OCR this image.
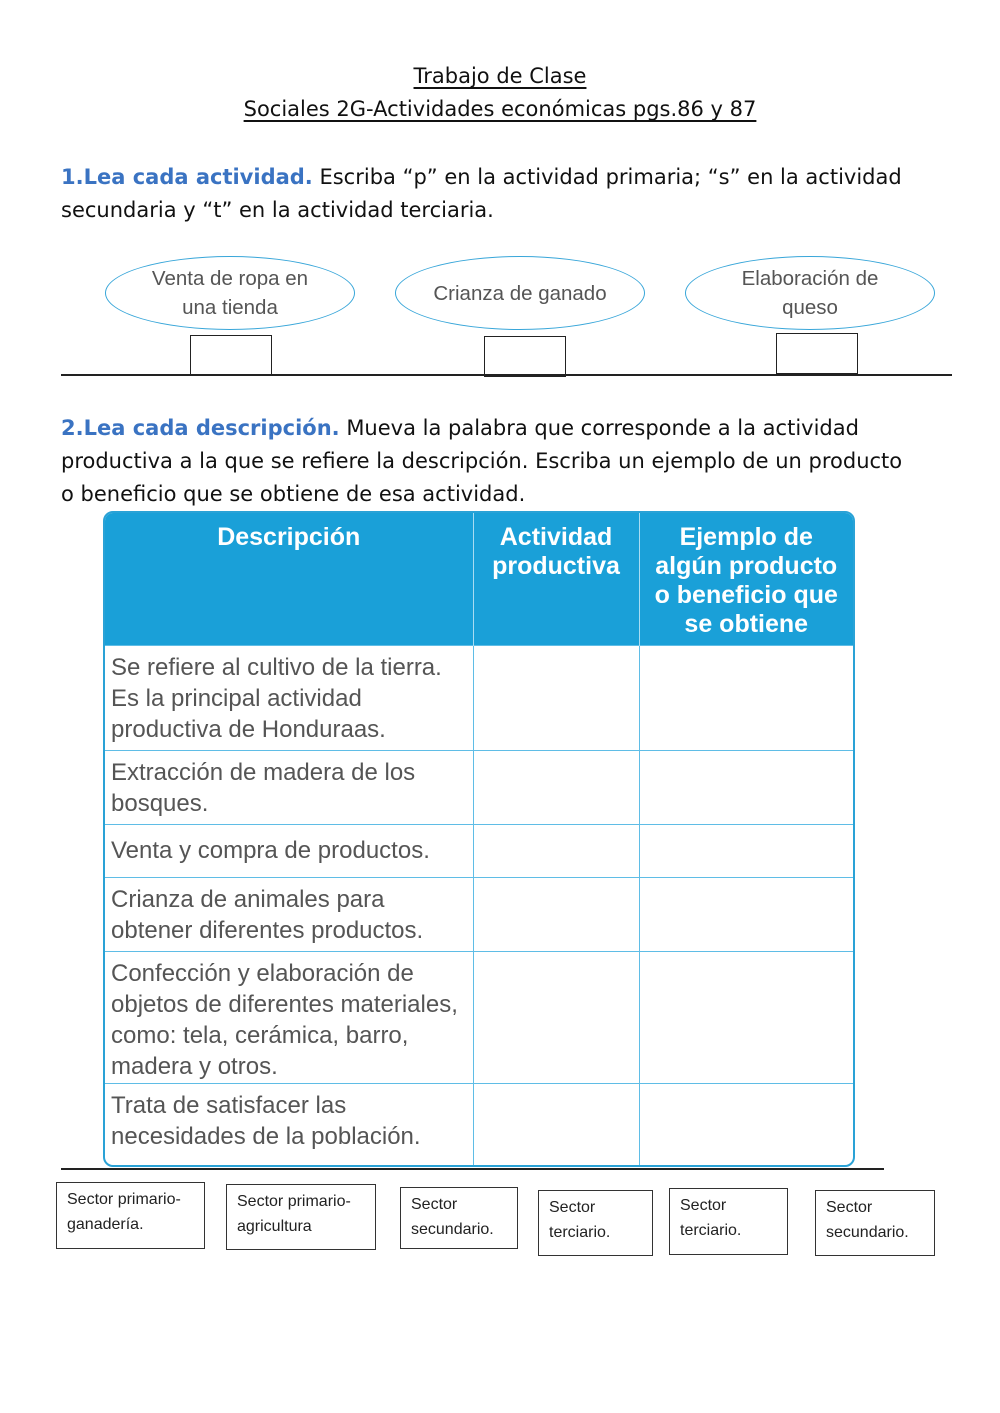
Trabajo de Clase
Sociales 2G-Actividades económicas pgs.86 y 87
1.Lea cada actividad. Escriba “p” en la actividad primaria; “s” en la actividad
secundaria y “t” en la actividad terciaria.
Venta de ropa en una tienda
Crianza de ganado
Elaboración de queso
2.Lea cada descripción. Mueva la palabra que corresponde a la actividad
productiva a la que se refiere la descripción. Escriba un ejemplo de un producto
o beneficio que se obtiene de esa actividad.
Descripción	Actividad productiva	Ejemplo de algún producto o beneficio que se obtiene
Se refiere al cultivo de la tierra. Es la principal actividad productiva de Honduraas.		
Extracción de madera de los bosques.		
Venta y compra de productos.		
Crianza de animales para obtener diferentes productos.		
Confección y elaboración de objetos de diferentes materiales, como: tela, cerámica, barro, madera y otros.		
Trata de satisfacer las necesidades de la población.		
Sector primario-ganadería.
Sector primario-agricultura
Sector secundario.
Sector terciario.
Sector terciario.
Sector secundario.
